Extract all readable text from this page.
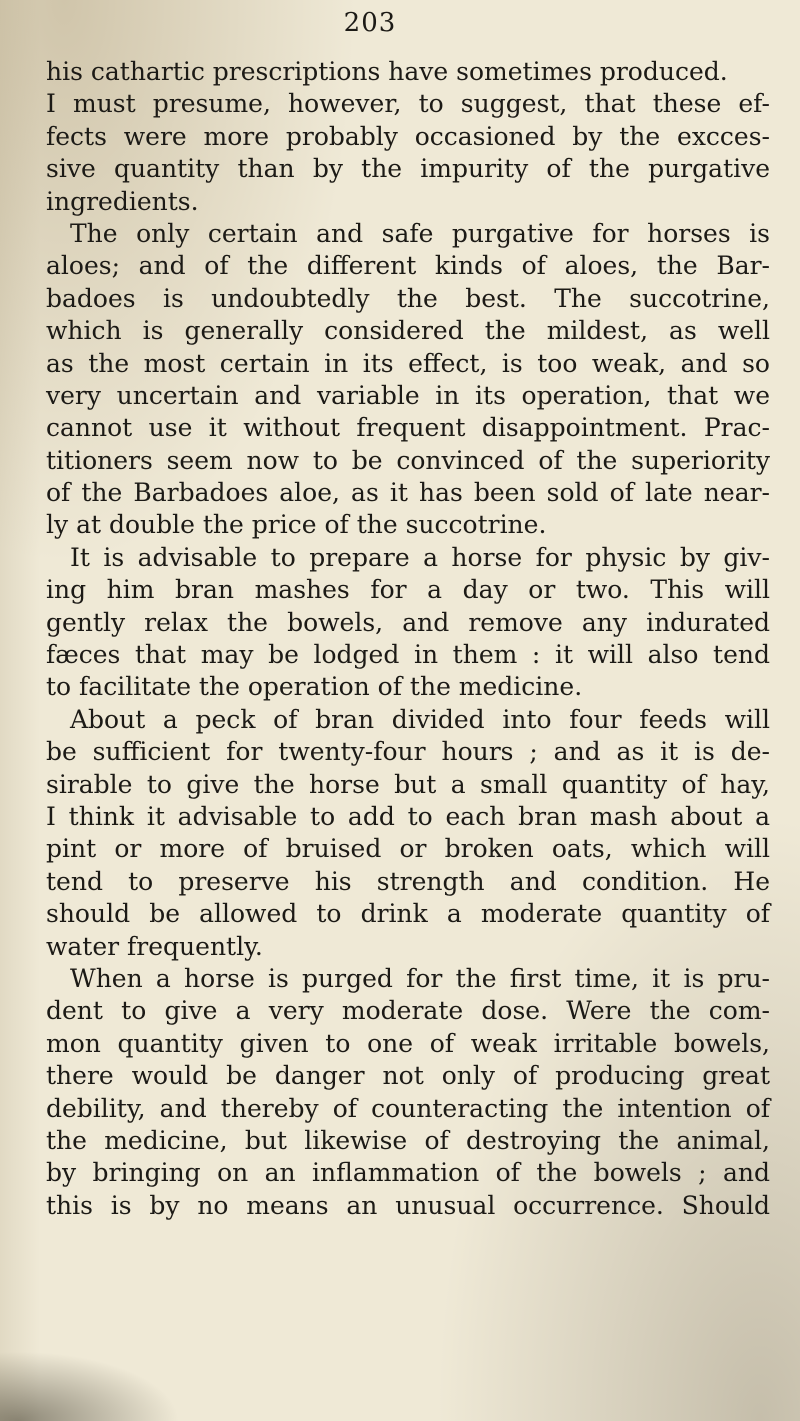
203
his cathartic prescriptions have sometimes produced.
I must presume, however, to suggest, that these ef-
fects were more probably occasioned by the excces-
sive quantity than by the impurity of the purgative
ingredients.
The only certain and safe purgative for horses is
aloes; and of the different kinds of aloes, the Bar-
badoes is undoubtedly the best. The succotrine,
which is generally considered the mildest, as well
as the most certain in its effect, is too weak, and so
very uncertain and variable in its operation, that we
cannot use it without frequent disappointment. Prac-
titioners seem now to be convinced of the superiority
of the Barbadoes aloe, as it has been sold of late near-
ly at double the price of the succotrine.
It is advisable to prepare a horse for physic by giv-
ing him bran mashes for a day or two. This will
gently relax the bowels, and remove any indurated
fæces that may be lodged in them : it will also tend
to facilitate the operation of the medicine.
About a peck of bran divided into four feeds will
be sufficient for twenty-four hours ; and as it is de-
sirable to give the horse but a small quantity of hay,
I think it advisable to add to each bran mash about a
pint or more of bruised or broken oats, which will
tend to preserve his strength and condition. He
should be allowed to drink a moderate quantity of
water frequently.
When a horse is purged for the first time, it is pru-
dent to give a very moderate dose. Were the com-
mon quantity given to one of weak irritable bowels,
there would be danger not only of producing great
debility, and thereby of counteracting the intention of
the medicine, but likewise of destroying the animal,
by bringing on an inflammation of the bowels ; and
this is by no means an unusual occurrence. Should
